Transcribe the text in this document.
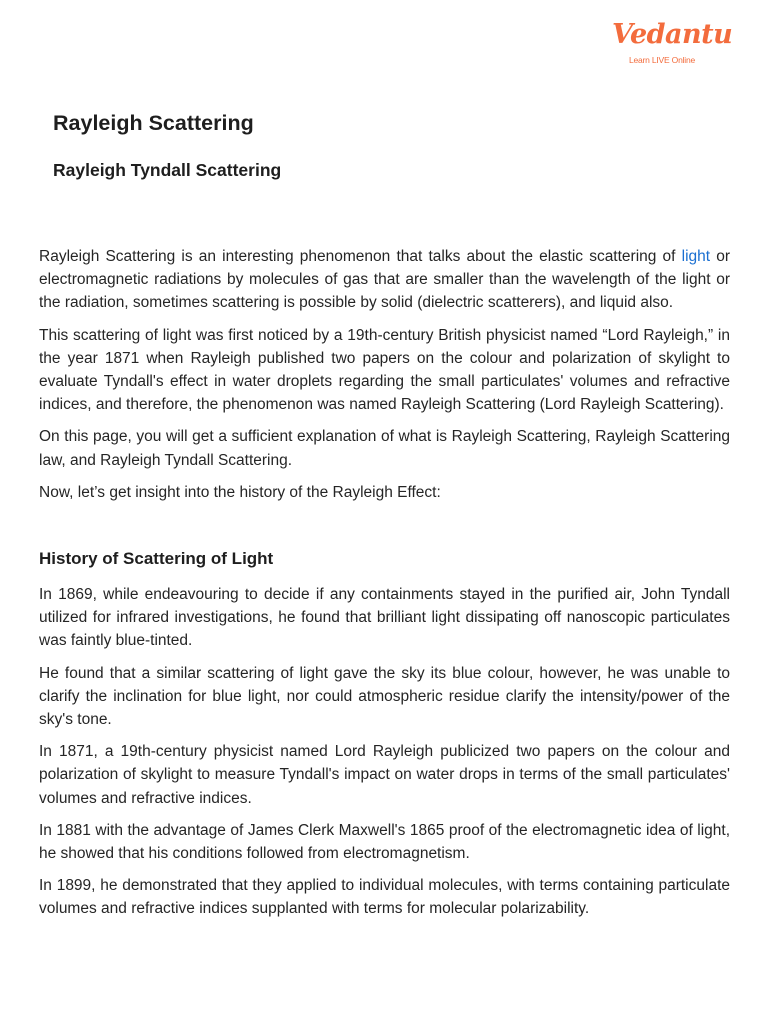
Vedantu
Learn LIVE Online
Rayleigh Scattering
Rayleigh Tyndall Scattering

Rayleigh Scattering is an interesting phenomenon that talks about the elastic scattering of light or electromagnetic radiations by molecules of gas that are smaller than the wavelength of the light or the radiation, sometimes scattering is possible by solid (dielectric scatterers), and liquid also.

This scattering of light was first noticed by a 19th-century British physicist named “Lord Rayleigh,” in the year 1871 when Rayleigh published two papers on the colour and polarization of skylight to evaluate Tyndall's effect in water droplets regarding the small particulates' volumes and refractive indices, and therefore, the phenomenon was named Rayleigh Scattering (Lord Rayleigh Scattering).

On this page, you will get a sufficient explanation of what is Rayleigh Scattering, Rayleigh Scattering law, and Rayleigh Tyndall Scattering.

Now, let’s get insight into the history of the Rayleigh Effect:

History of Scattering of Light

In 1869, while endeavouring to decide if any containments stayed in the purified air, John Tyndall utilized for infrared investigations, he found that brilliant light dissipating off nanoscopic particulates was faintly blue-tinted.

He found that a similar scattering of light gave the sky its blue colour, however, he was unable to clarify the inclination for blue light, nor could atmospheric residue clarify the intensity/power of the sky's tone.

In 1871, a 19th-century physicist named Lord Rayleigh publicized two papers on the colour and polarization of skylight to measure Tyndall's impact on water drops in terms of the small particulates' volumes and refractive indices.

In 1881 with the advantage of James Clerk Maxwell's 1865 proof of the electromagnetic idea of light, he showed that his conditions followed from electromagnetism.

In 1899, he demonstrated that they applied to individual molecules, with terms containing particulate volumes and refractive indices supplanted with terms for molecular polarizability.
